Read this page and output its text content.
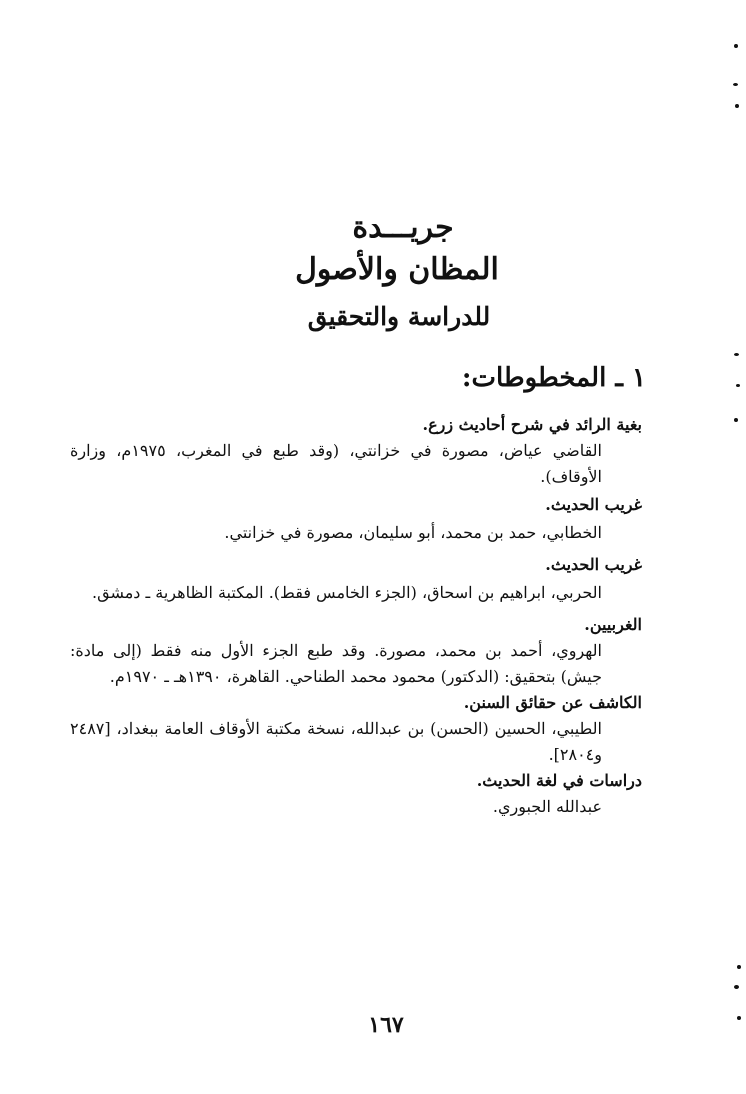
جريـــدة
المظان والأصول
للدراسة والتحقيق
١ ـ المخطوطات:

بغية الرائد في شرح أحاديث زرع.

القاضي عياض، مصورة في خزانتي، (وقد طبع في المغرب، ١٩٧٥م، وزارة الأوقاف).

غريب الحديث.

الخطابي، حمد بن محمد، أبو سليمان، مصورة في خزانتي.

غريب الحديث.

الحربي، ابراهيم بن اسحاق، (الجزء الخامس فقط). المكتبة الظاهرية ـ دمشق.

الغربيين.

الهروي، أحمد بن محمد، مصورة. وقد طبع الجزء الأول منه فقط (إلى مادة: جيش) بتحقيق: (الدكتور) محمود محمد الطناحي. القاهرة، ١٣٩٠هـ ـ ١٩٧٠م.

الكاشف عن حقائق السنن.

الطيبي، الحسين (الحسن) بن عبدالله، نسخة مكتبة الأوقاف العامة ببغداد، [٢٤٨٧ و٢٨٠٤].

دراسات في لغة الحديث.

عبدالله الجبوري.

١٦٧
